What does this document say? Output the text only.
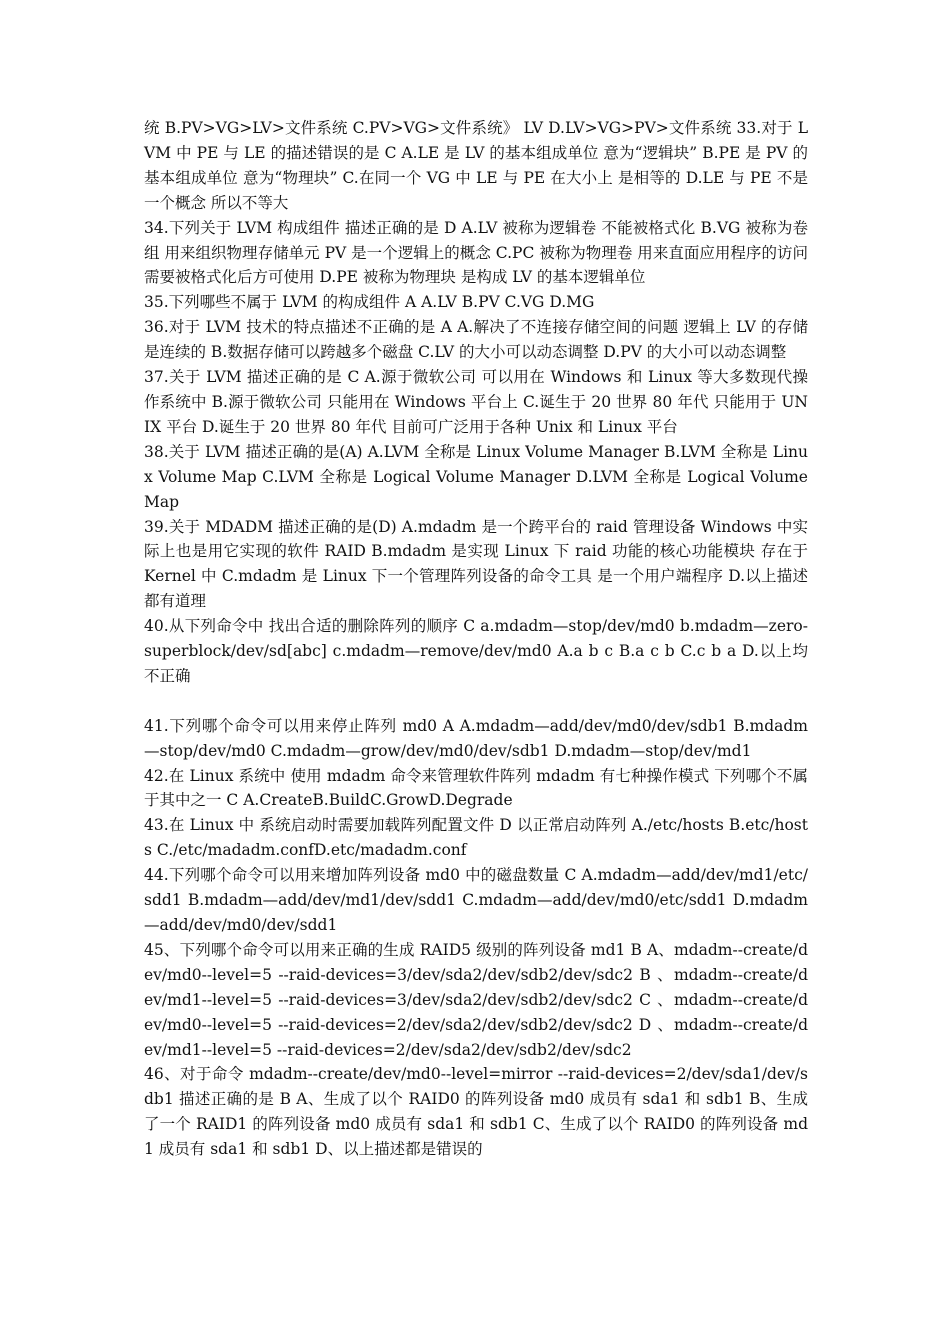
统 B.PV>VG>LV>文件系统 C.PV>VG>文件系统》 LV D.LV>VG>PV>文件系统 33.对于 LVM 中 PE 与 LE 的描述错误的是 C A.LE 是 LV 的基本组成单位 意为“逻辑块” B.PE 是 PV 的基本组成单位 意为“物理块” C.在同一个 VG 中 LE 与 PE 在大小上 是相等的 D.LE 与 PE 不是一个概念 所以不等大

34.下列关于 LVM 构成组件 描述正确的是 D A.LV 被称为逻辑卷 不能被格式化 B.VG 被称为卷组 用来组织物理存储单元 PV 是一个逻辑上的概念 C.PC 被称为物理卷 用来直面应用程序的访问 需要被格式化后方可使用 D.PE 被称为物理块 是构成 LV 的基本逻辑单位

35.下列哪些不属于 LVM 的构成组件 A A.LV B.PV C.VG D.MG

36.对于 LVM 技术的特点描述不正确的是 A A.解决了不连接存储空间的问题 逻辑上 LV 的存储是连续的 B.数据存储可以跨越多个磁盘 C.LV 的大小可以动态调整 D.PV 的大小可以动态调整

37.关于 LVM 描述正确的是 C A.源于微软公司 可以用在 Windows 和 Linux 等大多数现代操作系统中 B.源于微软公司 只能用在 Windows 平台上 C.诞生于 20 世界 80 年代 只能用于 UNIX 平台 D.诞生于 20 世界 80 年代 目前可广泛用于各种 Unix 和 Linux 平台

38.关于 LVM 描述正确的是(A) A.LVM 全称是 Linux Volume Manager B.LVM 全称是 Linux Volume Map C.LVM 全称是 Logical Volume Manager D.LVM 全称是 Logical Volume Map

39.关于 MDADM 描述正确的是(D) A.mdadm 是一个跨平台的 raid 管理设备 Windows 中实际上也是用它实现的软件 RAID B.mdadm 是实现 Linux 下 raid 功能的核心功能模块 存在于 Kernel 中 C.mdadm 是 Linux 下一个管理阵列设备的命令工具 是一个用户端程序 D.以上描述都有道理

40.从下列命令中 找出合适的删除阵列的顺序 C a.mdadm—stop/dev/md0 b.mdadm—zero-superblock/dev/sd[abc] c.mdadm—remove/dev/md0 A.a b c B.a c b C.c b a D.以上均不正确

41.下列哪个命令可以用来停止阵列 md0 A A.mdadm—add/dev/md0/dev/sdb1 B.mdadm—stop/dev/md0 C.mdadm—grow/dev/md0/dev/sdb1 D.mdadm—stop/dev/md1

42.在 Linux 系统中 使用 mdadm 命令来管理软件阵列 mdadm 有七种操作模式 下列哪个不属于其中之一 C A.CreateB.BuildC.GrowD.Degrade

43.在 Linux 中 系统启动时需要加载阵列配置文件 D 以正常启动阵列 A./etc/hosts B.etc/hosts C./etc/madadm.confD.etc/madadm.conf

44.下列哪个命令可以用来增加阵列设备 md0 中的磁盘数量 C A.mdadm—add/dev/md1/etc/sdd1 B.mdadm—add/dev/md1/dev/sdd1 C.mdadm—add/dev/md0/etc/sdd1 D.mdadm—add/dev/md0/dev/sdd1

45、下列哪个命令可以用来正确的生成 RAID5 级别的阵列设备 md1 B A、mdadm--create/dev/md0--level=5 --raid-devices=3/dev/sda2/dev/sdb2/dev/sdc2 B 、mdadm--create/dev/md1--level=5 --raid-devices=3/dev/sda2/dev/sdb2/dev/sdc2 C 、mdadm--create/dev/md0--level=5 --raid-devices=2/dev/sda2/dev/sdb2/dev/sdc2 D 、mdadm--create/dev/md1--level=5 --raid-devices=2/dev/sda2/dev/sdb2/dev/sdc2

46、对于命令 mdadm--create/dev/md0--level=mirror --raid-devices=2/dev/sda1/dev/sdb1 描述正确的是 B A、生成了以个 RAID0 的阵列设备 md0 成员有 sda1 和 sdb1 B、生成了一个 RAID1 的阵列设备 md0 成员有 sda1 和 sdb1 C、生成了以个 RAID0 的阵列设备 md1 成员有 sda1 和 sdb1 D、以上描述都是错误的
